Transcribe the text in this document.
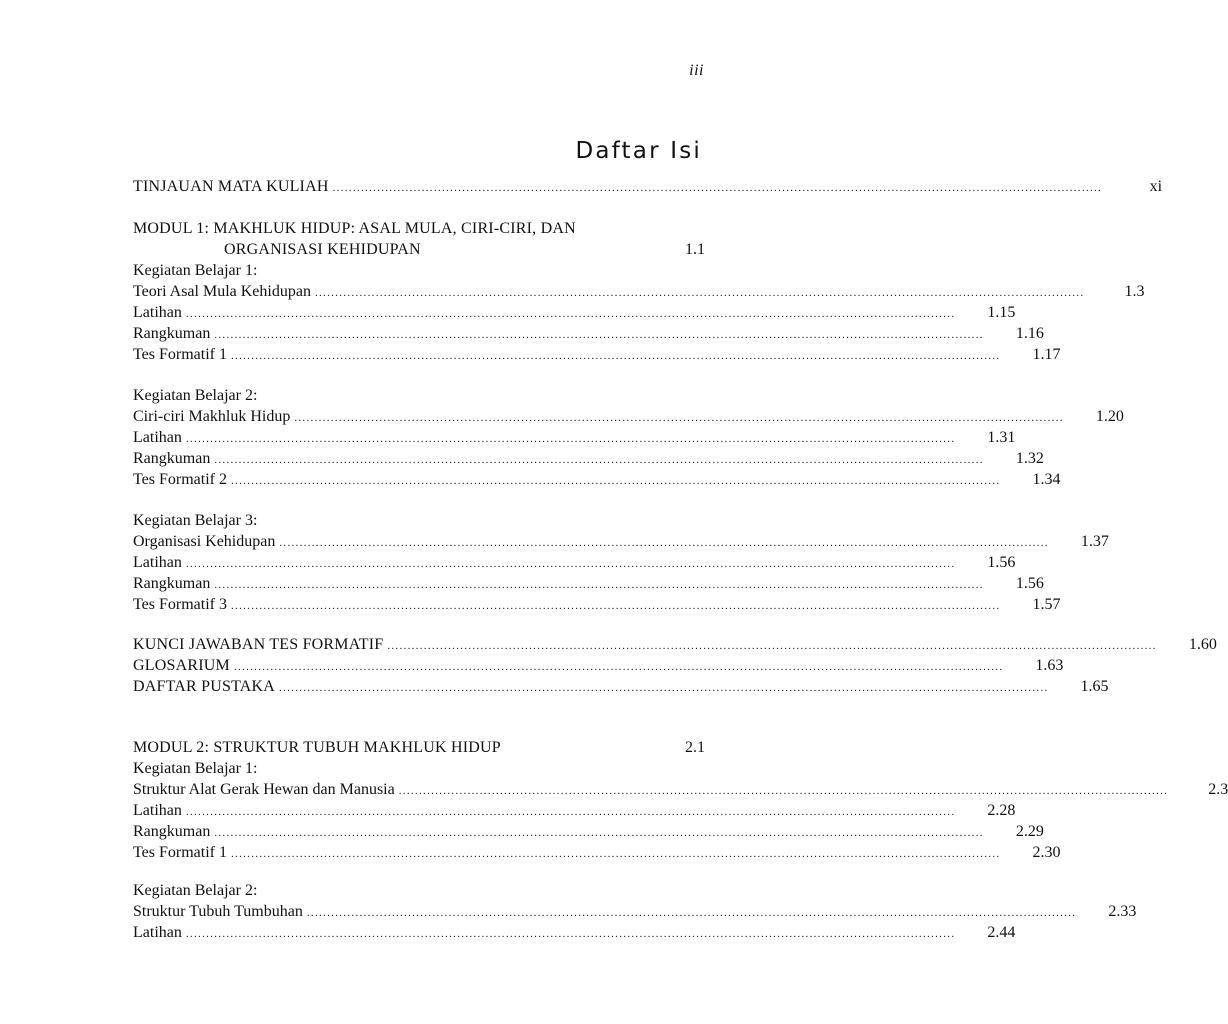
iii
Daftar Isi
TINJAUAN MATA KULIAH ..............................................................................................................................................................................................	xi
MODUL 1: MAKHLUK HIDUP: ASAL MULA, CIRI-CIRI, DAN
ORGANISASI KEHIDUPAN	1.1
Kegiatan Belajar 1:
Teori Asal Mula Kehidupan ..............................................................................................................................................................................................	1.3
Latihan ..............................................................................................................................................................................................	1.15
Rangkuman ..............................................................................................................................................................................................	1.16
Tes Formatif 1 ..............................................................................................................................................................................................	1.17
Kegiatan Belajar 2:
Ciri-ciri Makhluk Hidup ..............................................................................................................................................................................................	1.20
Latihan ..............................................................................................................................................................................................	1.31
Rangkuman ..............................................................................................................................................................................................	1.32
Tes Formatif 2 ..............................................................................................................................................................................................	1.34
Kegiatan Belajar 3:
Organisasi Kehidupan ..............................................................................................................................................................................................	1.37
Latihan ..............................................................................................................................................................................................	1.56
Rangkuman ..............................................................................................................................................................................................	1.56
Tes Formatif 3 ..............................................................................................................................................................................................	1.57
KUNCI JAWABAN TES FORMATIF ..............................................................................................................................................................................................	1.60
GLOSARIUM ..............................................................................................................................................................................................	1.63
DAFTAR PUSTAKA ..............................................................................................................................................................................................	1.65
MODUL 2: STRUKTUR TUBUH MAKHLUK HIDUP	2.1
Kegiatan Belajar 1:
Struktur Alat Gerak Hewan dan Manusia ..............................................................................................................................................................................................	2.3
Latihan ..............................................................................................................................................................................................	2.28
Rangkuman ..............................................................................................................................................................................................	2.29
Tes Formatif 1 ..............................................................................................................................................................................................	2.30
Kegiatan Belajar 2:
Struktur Tubuh Tumbuhan ..............................................................................................................................................................................................	2.33
Latihan ..............................................................................................................................................................................................	2.44
